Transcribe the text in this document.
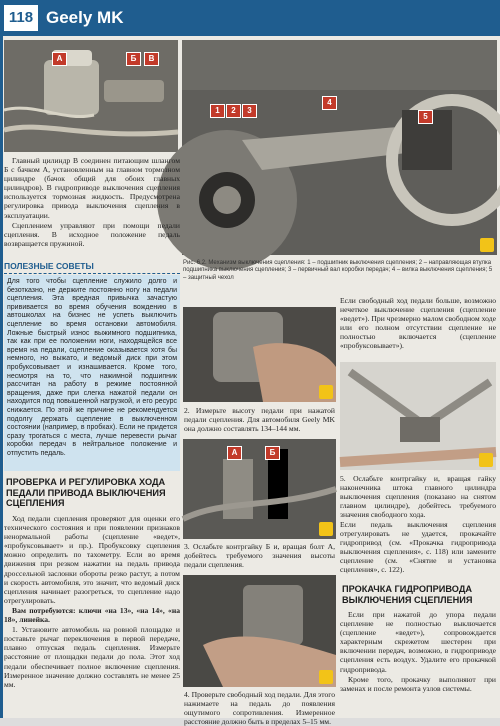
118 Geely MK
А	Б	В
1	2	3
4
5
Рис. 6.2. Механизм выключения сцепления: 1 – подшипник выключения сцепления; 2 – направляющая втулка подшипника выключения сцепления; 3 – первичный вал коробки передач; 4 – вилка выключения сцепления; 5 – защитный чехол

Главный цилиндр В соединен питающим шлангом Б с бачком А, установленным на главном тормозном цилиндре (бачок общий для обоих главных цилиндров). В гидроприводе выключения сцепления используется тормозная жидкость. Предусмотрена регулировка привода выключения сцепления в эксплуатации.

Сцеплением управляют при помощи педали сцепления. В исходное положение педаль возвращается пружиной.

ПОЛЕЗНЫЕ СОВЕТЫ
Для того чтобы сцепление служило долго и безотказно, не держите постоянно ногу на педали сцепления. Эта вредная привычка зачастую прививается во время обучения вождению в автошколах на бизнес не успеть выключить сцепление во время остановки автомобиля. Ложные быстрый износ выжимного подшипника, так как при ее положении ноги, находящейся все время на педали, сцепление оказывается хотя бы немного, но выжато, и ведомый диск при этом пробуксовывает и изнашивается. Кроме того, несмотря на то, что нажимной подшипник рассчитан на работу в режиме постоянной вращения, даже при слегка нажатой педали он находится под повышенной нагрузкой, и его ресурс снижается. По этой же причине не рекомендуется подолгу держать сцепление в выключенном состоянии (например, в пробках). Если не придется сразу трогаться с места, лучше перевести рычаг коробки передач в нейтральное положение и отпустить педаль.
ПРОВЕРКА И РЕГУЛИРОВКА ХОДА ПЕДАЛИ ПРИВОДА ВЫКЛЮЧЕНИЯ СЦЕПЛЕНИЯ

Ход педали сцепления проверяют для оценки его технического состояния и при появлении признаков ненормальной работы (сцепление «ведет», «пробуксовывает» и пр.). Пробуксовку сцепления можно определить по тахометру. Если во время движения при резком нажатии на педаль привода дроссельной заслонки обороты резко растут, а потом и скорость автомобиля, это значит, что ведомый диск сцепления начинает разогреться, то сцепление надо отрегулировать.

Вам потребуются: ключи «на 13», «на 14», «на 18», линейка.

1. Установите автомобиль на ровной площадке и поставьте рычаг переключения в первой передаче, плавно отпуская педаль сцепления. Измерьте расстояние от площадки педали до пола. Этот ход педали обеспечивает полное включение сцепления. Измеренное значение должно составлять не менее 25 мм.

2. Измерьте высоту педали при нажатой педали сцепления. Для автомобиля Geely MK она должно составлять 134–144 мм.
А	Б
3. Ослабьте контргайку Б и, вращая болт А, добейтесь требуемого значения высоты педали сцепления.
4. Проверьте свободный ход педали. Для этого нажимаете на педаль до появления ощутимого сопротивления. Измеренное расстояние должно быть в пределах 5–15 мм.
Если свободный ход педали больше, возможно нечеткое выключение сцепления (сцепление «ведет»). При чрезмерно малом свободном ходе или его полном отсутствии сцепление не полностью включается (сцепление «пробуксовывает»).
5. Ослабьте контргайку и, вращая гайку наконечника штока главного цилиндра выключения сцепления (показано на снятом главном цилиндре), добейтесь требуемого значения свободного хода.
Если педаль выключения сцепления отрегулировать не удается, прокачайте гидропривод (см. «Прокачка гидропривода выключения сцепления», с. 118) или замените сцепление (см. «Снятие и установка сцепления», с. 122).
ПРОКАЧКА ГИДРОПРИВОДА ВЫКЛЮЧЕНИЯ СЦЕПЛЕНИЯ

Если при нажатой до упора педали сцепление не полностью выключается (сцепление «ведет»), сопровождается характерным скрежетом шестерен при включении передач, возможно, в гидроприводе сцепления есть воздух. Удалите его прокачкой гидропривода.

Кроме того, прокачку выполняют при заменах и после ремонта узлов системы.
